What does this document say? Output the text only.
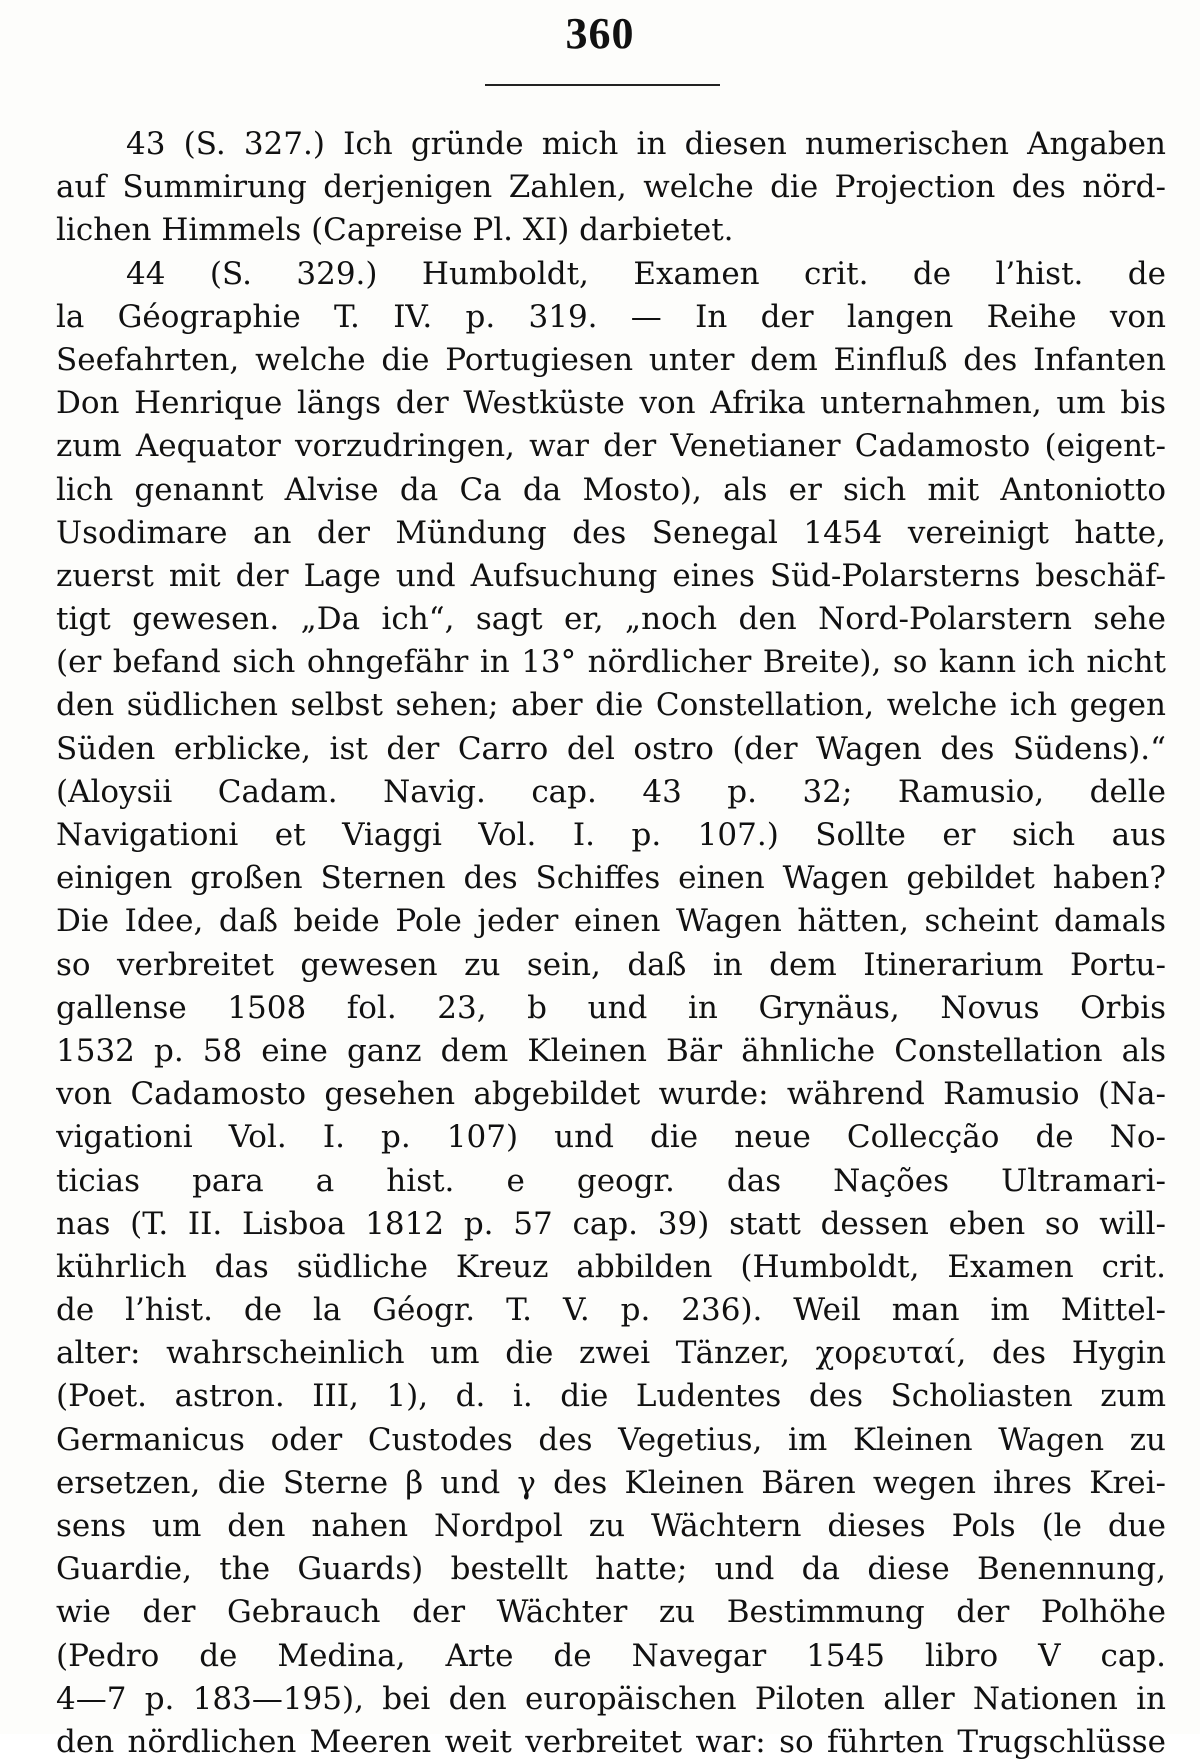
360
43 (S. 327.) Ich gründe mich in diesen numerischen Angaben
auf Summirung derjenigen Zahlen, welche die Projection des nörd-
lichen Himmels (Capreise Pl. XI) darbietet.
44 (S. 329.) Humboldt, Examen crit. de l’hist. de
la Géographie T. IV. p. 319. — In der langen Reihe von
Seefahrten, welche die Portugiesen unter dem Einfluß des Infanten
Don Henrique längs der Westküste von Afrika unternahmen, um bis
zum Aequator vorzudringen, war der Venetianer Cadamosto (eigent-
lich genannt Alvise da Ca da Mosto), als er sich mit Antoniotto
Usodimare an der Mündung des Senegal 1454 vereinigt hatte,
zuerst mit der Lage und Aufsuchung eines Süd-Polarsterns beschäf-
tigt gewesen. „Da ich“, sagt er, „noch den Nord-Polarstern sehe
(er befand sich ohngefähr in 13° nördlicher Breite), so kann ich nicht
den südlichen selbst sehen; aber die Constellation, welche ich gegen
Süden erblicke, ist der Carro del ostro (der Wagen des Südens).“
(Aloysii Cadam. Navig. cap. 43 p. 32; Ramusio, delle
Navigationi et Viaggi Vol. I. p. 107.) Sollte er sich aus
einigen großen Sternen des Schiffes einen Wagen gebildet haben?
Die Idee, daß beide Pole jeder einen Wagen hätten, scheint damals
so verbreitet gewesen zu sein, daß in dem Itinerarium Portu-
gallense 1508 fol. 23, b und in Grynäus, Novus Orbis
1532 p. 58 eine ganz dem Kleinen Bär ähnliche Constellation als
von Cadamosto gesehen abgebildet wurde: während Ramusio (Na-
vigationi Vol. I. p. 107) und die neue Collecção de No-
ticias para a hist. e geogr. das Nações Ultramari-
nas (T. II. Lisboa 1812 p. 57 cap. 39) statt dessen eben so will-
kührlich das südliche Kreuz abbilden (Humboldt, Examen crit.
de l’hist. de la Géogr. T. V. p. 236). Weil man im Mittel-
alter: wahrscheinlich um die zwei Tänzer, χορευταί, des Hygin
(Poet. astron. III, 1), d. i. die Ludentes des Scholiasten zum
Germanicus oder Custodes des Vegetius, im Kleinen Wagen zu
ersetzen, die Sterne β und γ des Kleinen Bären wegen ihres Krei-
sens um den nahen Nordpol zu Wächtern dieses Pols (le due
Guardie, the Guards) bestellt hatte; und da diese Benennung,
wie der Gebrauch der Wächter zu Bestimmung der Polhöhe
(Pedro de Medina, Arte de Navegar 1545 libro V cap.
4—7 p. 183—195), bei den europäischen Piloten aller Nationen in
den nördlichen Meeren weit verbreitet war: so führten Trugschlüsse
